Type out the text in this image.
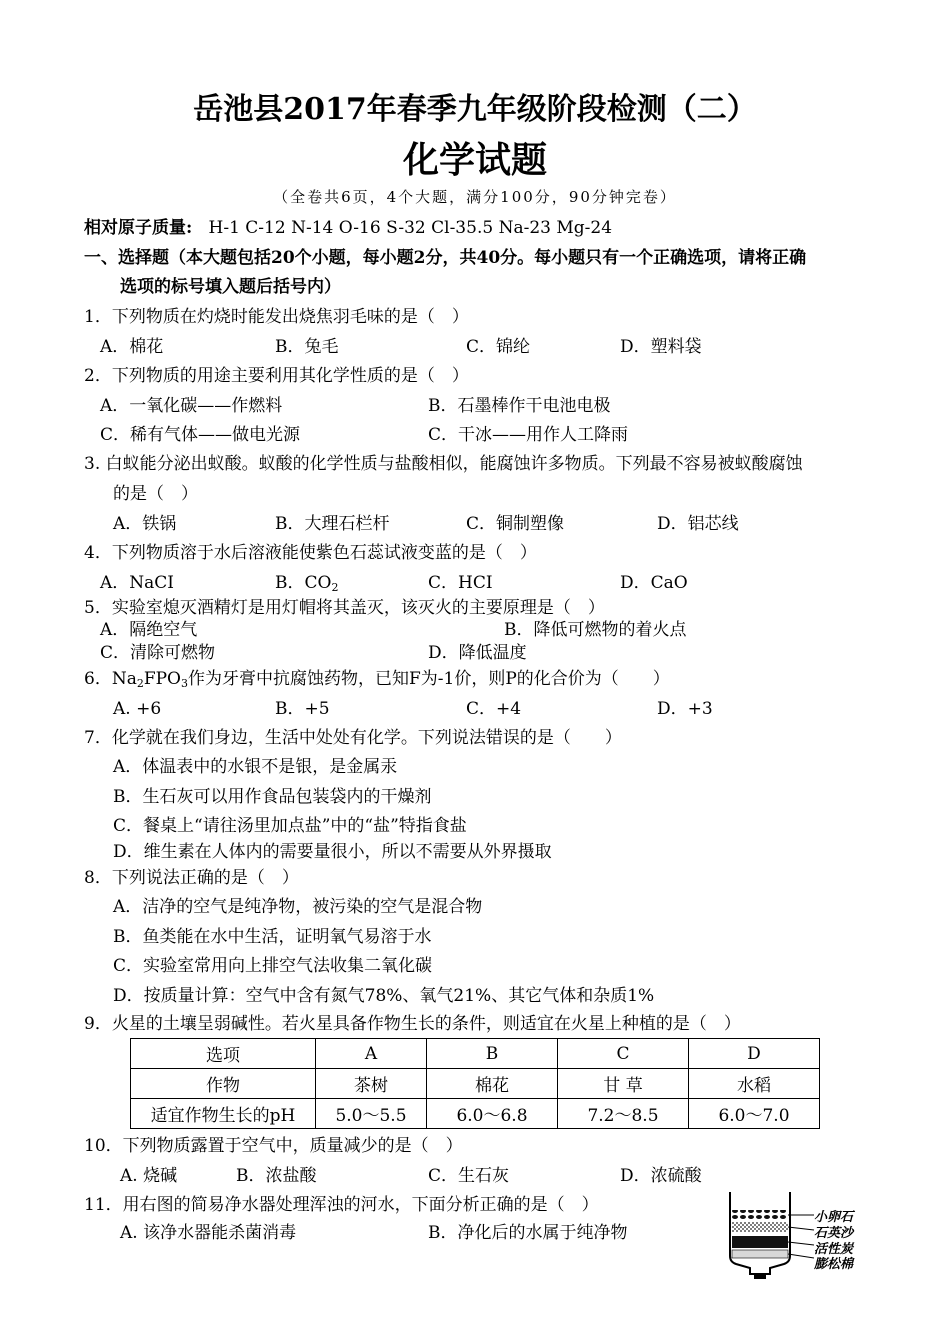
岳池县2017年春季九年级阶段检测（二）
化学试题
（全卷共6页，4个大题，满分100分，90分钟完卷）
相对原子质量: H-1 C-12 N-14 O-16 S-32 Cl-35.5 Na-23 Mg-24
一、选择题（本大题包括20个小题，每小题2分，共40分。每小题只有一个正确选项，请将正确
选项的标号填入题后括号内）
1．下列物质在灼烧时能发出烧焦羽毛味的是（　）
A．棉花	B．兔毛	C．锦纶	D．塑料袋
2．下列物质的用途主要利用其化学性质的是（　）
A．一氧化碳——作燃料	B．石墨棒作干电池电极
C．稀有气体——做电光源	C．干冰——用作人工降雨
3. 白蚁能分泌出蚁酸。蚁酸的化学性质与盐酸相似，能腐蚀许多物质。下列最不容易被蚁酸腐蚀
的是（　）
A．铁锅	B．大理石栏杆	C．铜制塑像	D．铝芯线
4．下列物质溶于水后溶液能使紫色石蕊试液变蓝的是（　）
A．NaCI	B．$CO_2$	C．HCI	D．CaO
5．实验室熄灭酒精灯是用灯帽将其盖灭，该灭火的主要原理是（　）
A．隔绝空气	B．降低可燃物的着火点
C．清除可燃物	D．降低温度
6．$Na_2FPO_3$作为牙膏中抗腐蚀药物，已知F为-1价，则P的化合价为（　　）
A. +6	B．+5	C．+4	D．+3
7．化学就在我们身边，生活中处处有化学。下列说法错误的是（　　）
A．体温表中的水银不是银，是金属汞
B．生石灰可以用作食品包装袋内的干燥剂
C．餐桌上“请往汤里加点盐”中的“盐”特指食盐
D．维生素在人体内的需要量很小，所以不需要从外界摄取
8．下列说法正确的是（　）
A．洁净的空气是纯净物，被污染的空气是混合物
B．鱼类能在水中生活，证明氧气易溶于水
C．实验室常用向上排空气法收集二氧化碳
D．按质量计算：空气中含有氮气78%、氧气21%、其它气体和杂质1%
9．火星的土壤呈弱碱性。若火星具备作物生长的条件，则适宜在火星上种植的是（　）
选项	A	B	C	D
作物	茶树	棉花	甘 草	水稻
适宜作物生长的pH	5.0～5.5	6.0～6.8	7.2～8.5	6.0～7.0
10．下列物质露置于空气中，质量减少的是（　）
A. 烧碱	B．浓盐酸	C．生石灰	D．浓硫酸
11．用右图的简易净水器处理浑浊的河水，下面分析正确的是（　）
A. 该净水器能杀菌消毒	B．净化后的水属于纯净物
小卵石
石英沙
活性炭
膨松棉
